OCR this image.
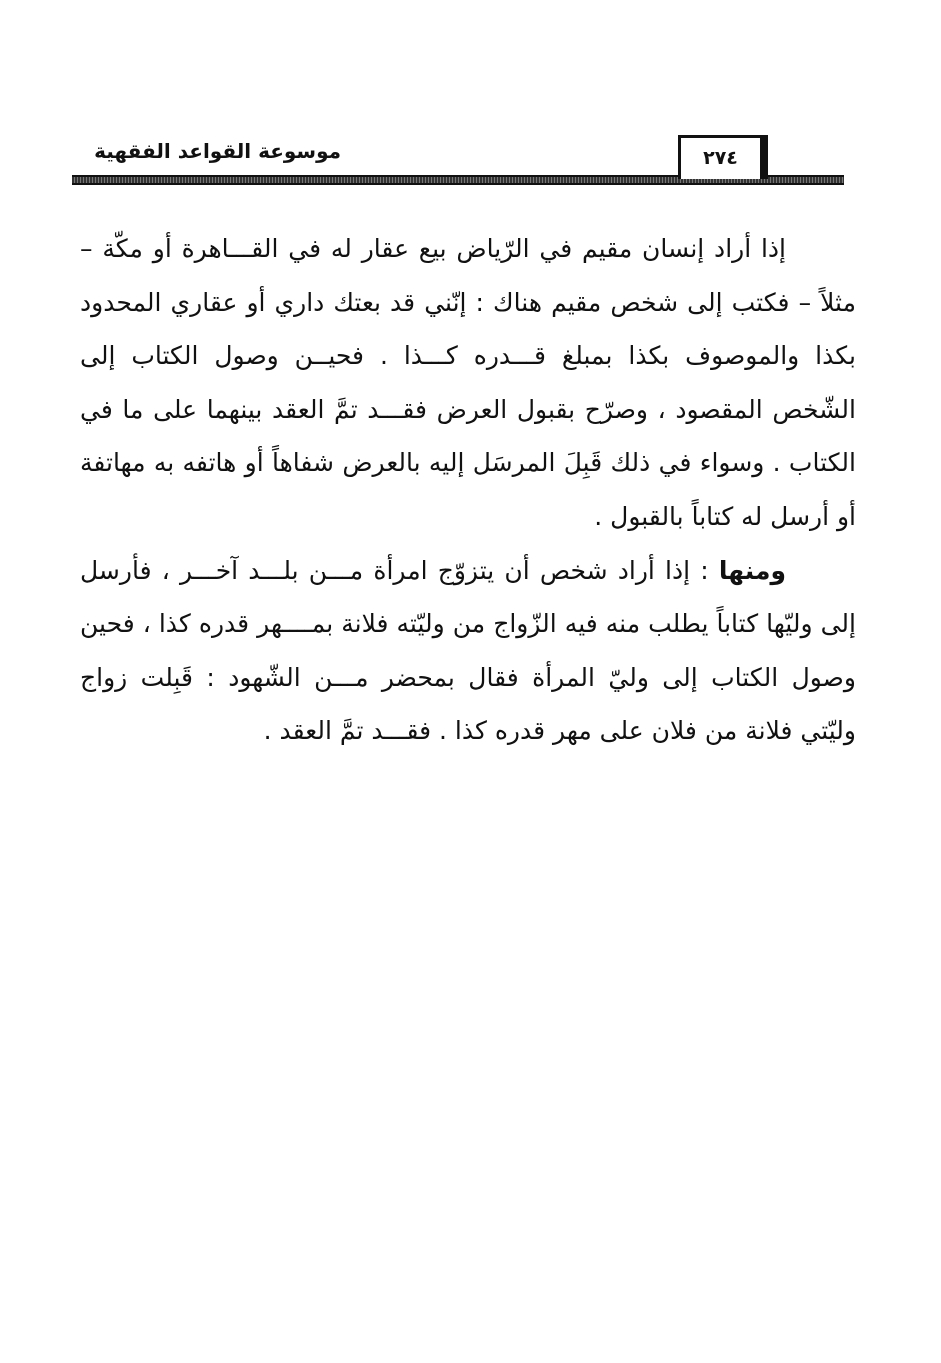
موسوعة القواعد الفقهية	٢٧٤

إذا أراد إنسان مقيم في الرّياض بيع عقار له في القـــاهرة أو مكّة – مثلاً – فكتب إلى شخص مقيم هناك : إنّني قد بعتك داري أو عقاري المحدود بكذا والموصوف بكذا بمبلغ قـــدره كـــذا . فحيــن وصول الكتاب إلى الشّخص المقصود ، وصرّح بقبول العرض فقـــد تمَّ العقد بينهما على ما في الكتاب . وسواء في ذلك قَبِلَ المرسَل إليه بالعرض شفاهاً أو هاتفه به مهاتفة أو أرسل له كتاباً بالقبول .

ومنها : إذا أراد شخص أن يتزوّج امرأة مـــن بلـــد آخـــر ، فأرسل إلى وليّها كتاباً يطلب منه فيه الزّواج من وليّته فلانة بمــــهر قدره كذا ، فحين وصول الكتاب إلى وليّ المرأة فقال بمحضر مـــن الشّهود : قَبِلت زواج وليّتي فلانة من فلان على مهر قدره كذا . فقـــد تمَّ العقد .
